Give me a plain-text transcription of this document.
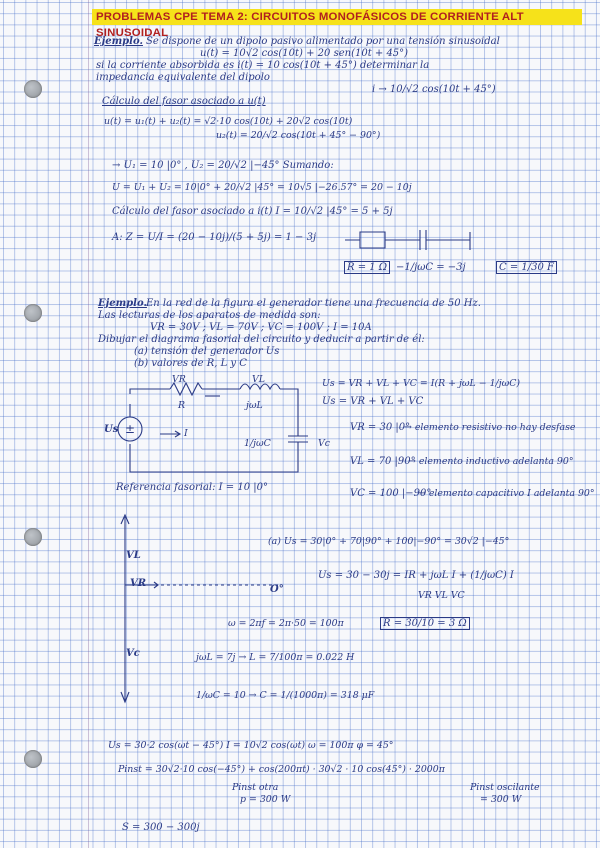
PROBLEMAS CPE TEMA 2: CIRCUITOS MONOFÁSICOS DE CORRIENTE ALT SINUSOIDAL
Ejemplo. Se dispone de un dipolo pasivo alimentado por una tensión sinusoidal
u(t) = 10√2 cos(10t) + 20 sen(10t + 45°)
si la corriente absorbida es i(t) = 10 cos(10t + 45°) determinar la
impedancia equivalente del dipolo
i → 10/√2 cos(10t + 45°)
Cálculo del fasor asociado a u(t)
u(t) = u₁(t) + u₂(t) = √2·10 cos(10t) + 20√2 cos(10t)
u₂(t) = 20/√2 cos(10t + 45° − 90°)
→ U₁ = 10 |0° , U₂ = 20/√2 |−45° Sumando:
U = U₁ + U₂ = 10|0° + 20/√2 |45° = 10√5 |−26.57° = 20 − 10j
Cálculo del fasor asociado a i(t) I = 10/√2 |45° = 5 + 5j
A: Z = U/I = (20 − 10j)/(5 + 5j) = 1 − 3j
R = 1 Ω −1/jωC = −3j	C = 1/30 F
Ejemplo. En la red de la figura el generador tiene una frecuencia de 50 Hz.
Las lecturas de los aparatos de medida son:
VR = 30V ; VL = 70V ; VC = 100V ; I = 10A
Dibujar el diagrama fasorial del circuito y deducir a partir de él:
(a) tensión del generador Us
(b) valores de R, L y C
±
VR	VL
R	jωL
Us	I
1/jωC	Vc
Us = VR + VL + VC = I(R + jωL − 1/jωC)
Us = VR + VL + VC
VR = 30 |0°
→ elemento resistivo no hay desfase
VL = 70 |90°
→ elemento inductivo adelanta 90°
VC = 100 |−90°
→ elemento capacitivo I adelanta 90°
Referencia fasorial: I = 10 |0°
VL
VR
Vc
O°
(a) Us = 30|0° + 70|90° + 100|−90° = 30√2 |−45°
Us = 30 − 30j = IR + jωL I + (1/jωC) I
VR VL VC
ω = 2πf = 2π·50 = 100π	R = 30/10 = 3 Ω
jωL = 7j → L = 7/100π = 0.022 H
1/ωC = 10 → C = 1/(1000π) = 318 μF
Us = 30·2 cos(ωt − 45°) I = 10√2 cos(ωt) ω = 100π φ = 45°
Pinst = 30√2·10 cos(−45°) + cos(200πt) · 30√2 · 10 cos(45°) · 2000π
Pinst otra
p = 300 W
Pinst oscilante
= 300 W
S = 300 − 300j
